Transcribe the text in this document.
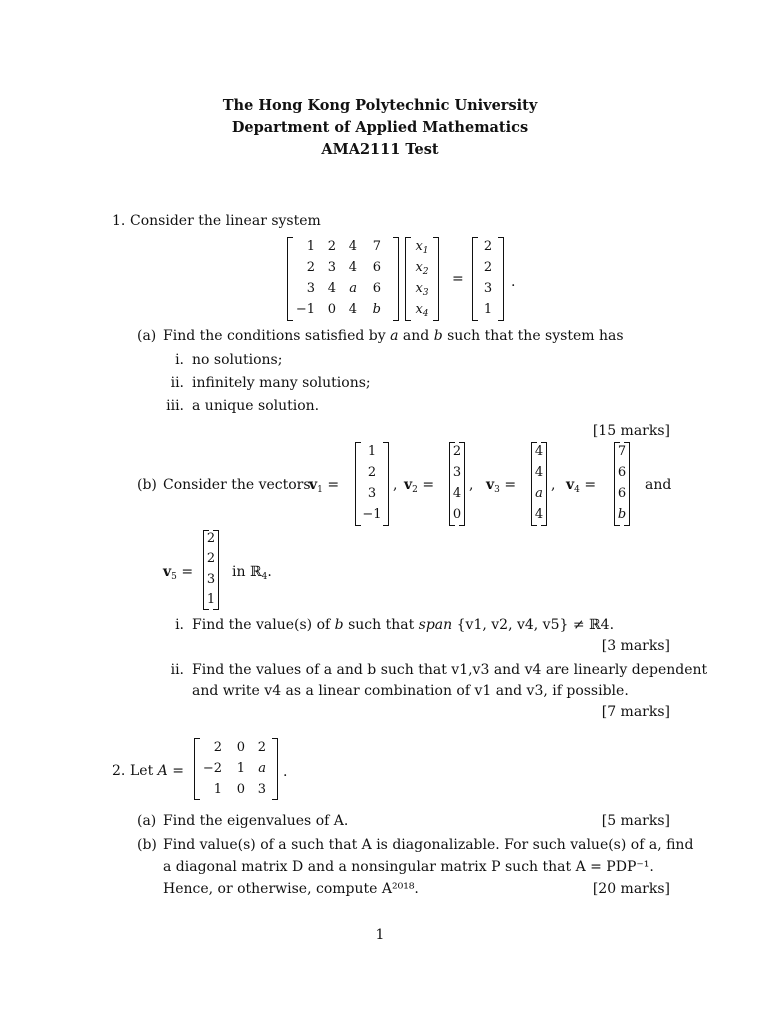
The Hong Kong Polytechnic University
Department of Applied Mathematics
AMA2111 Test
1. Consider the linear system
1 2 4 7
2 3 4 6
3 4 a 6
−1 0 4 b
$x_1$
$x_2$
$x_3$
$x_4$
=
2
2
3
1
.
(a) Find the conditions satisfied by a and b such that the system has
i. no solutions;
ii. infinitely many solutions;
iii. a unique solution.
[15 marks]
(b) Consider the vectors
$v_1$ =
1
2
3
−1
, $v_2$ =
2
3
4
0
, $v_3$ =
4
4
a
4
, $v_4$ =
7
6
6
b
and
$v_5$ =
2
2
3
1
in ℝ$_4$.
i. Find the value(s) of b such that span {v1, v2, v4, v5} ≠ ℝ4.
[3 marks]
ii. Find the values of a and b such that v1,v3 and v4 are linearly dependent
and write v4 as a linear combination of v1 and v3, if possible.
[7 marks]
2. Let A =
2 0 2
−2 1 a
1 0 3
.
(a) Find the eigenvalues of A.	[5 marks]
(b) Find value(s) of a such that A is diagonalizable. For such value(s) of a, find
a diagonal matrix D and a nonsingular matrix P such that A = PDP⁻¹.
Hence, or otherwise, compute A²⁰¹⁸.	[20 marks]
1
